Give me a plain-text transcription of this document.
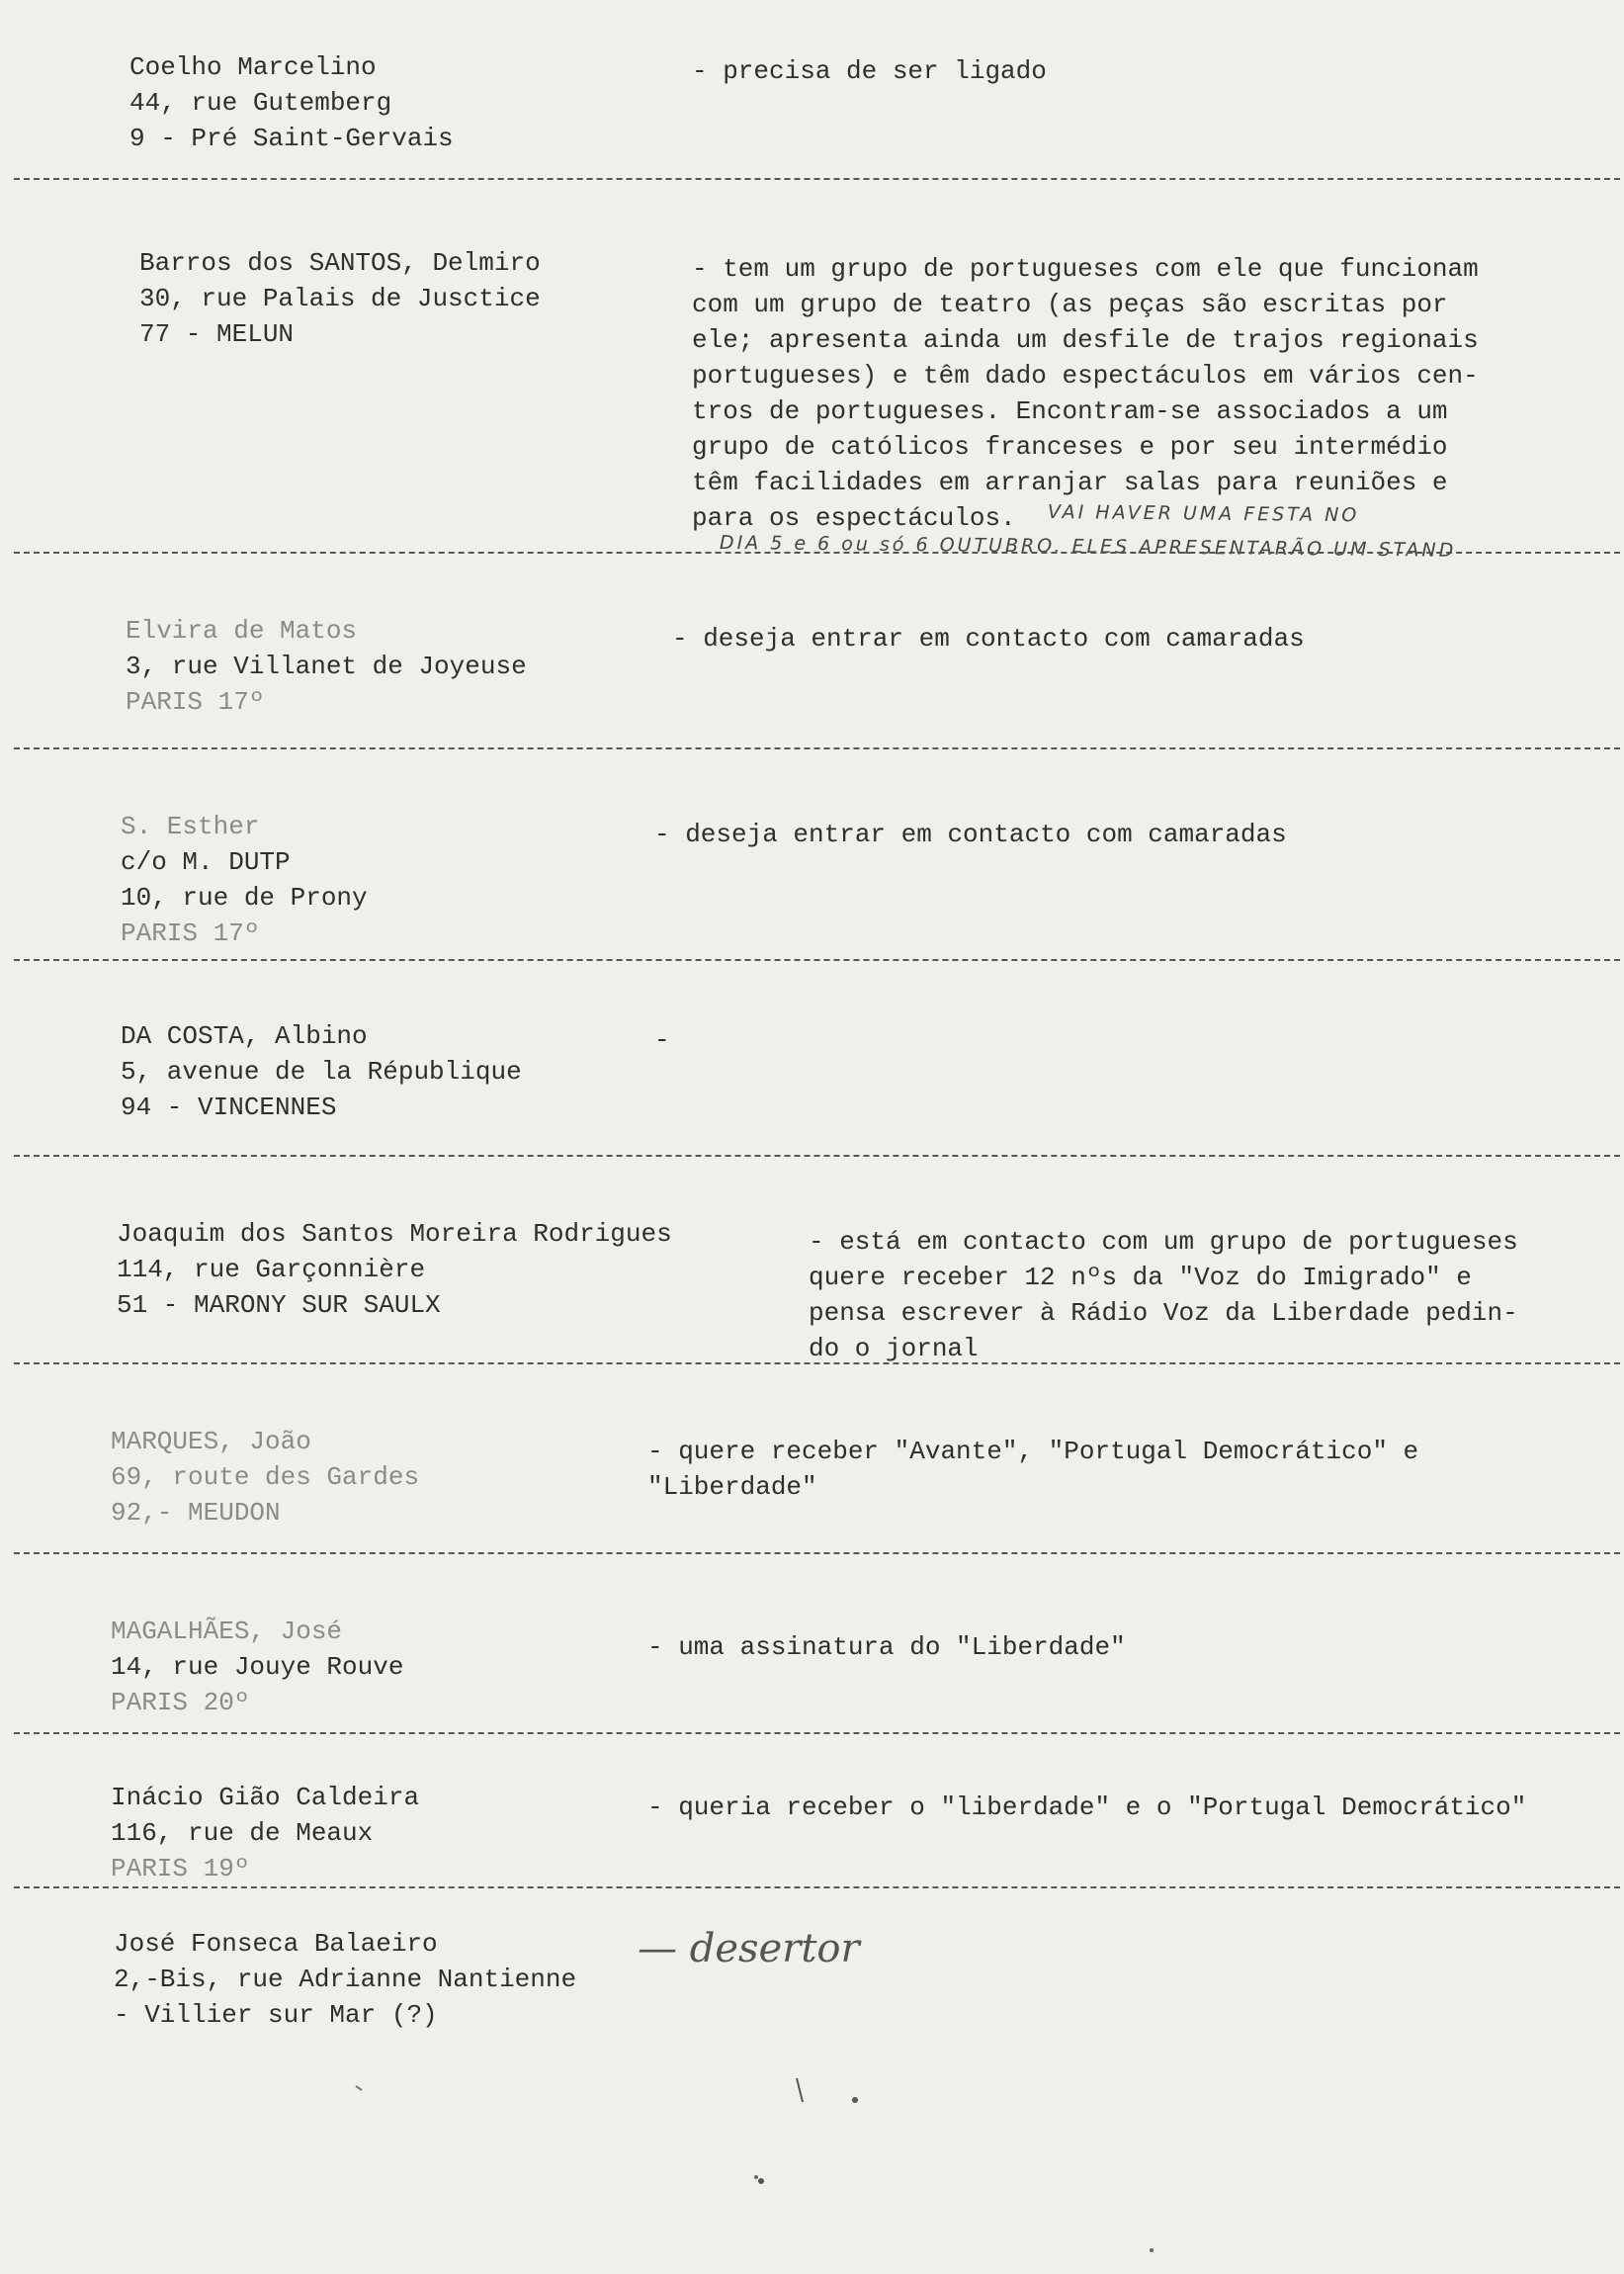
Coelho Marcelino
44, rue Gutemberg
9 - Pré Saint-Gervais
- precisa de ser ligado
Barros dos SANTOS, Delmiro
30, rue Palais de Jusctice
77 - MELUN
- tem um grupo de portugueses com ele que funcionam
com um grupo de teatro (as peças são escritas por
ele; apresenta ainda um desfile de trajos regionais
portugueses) e têm dado espectáculos em vários cen-
tros de portugueses. Encontram-se associados a um
grupo de católicos franceses e por seu intermédio
têm facilidades em arranjar salas para reuniões e
para os espectáculos.	VAI HAVER UMA FESTA NO
DIA 5 e 6 ou só 6 OUTUBRO. ELES APRESENTARÃO UM STAND
Elvira de Matos
3, rue Villanet de Joyeuse
PARIS 17º
- deseja entrar em contacto com camaradas
S. Esther
c/o M. DUTP
10, rue de Prony
PARIS 17º
- deseja entrar em contacto com camaradas
DA COSTA, Albino
5, avenue de la République
94 - VINCENNES
-
Joaquim dos Santos Moreira Rodrigues
114, rue Garçonnière
51 - MARONY SUR SAULX
- está em contacto com um grupo de portugueses
quere receber 12 nºs da "Voz do Imigrado" e
pensa escrever à Rádio Voz da Liberdade pedin-
do o jornal
MARQUES, João
69, route des Gardes
92,- MEUDON
- quere receber "Avante", "Portugal Democrático" e
"Liberdade"
MAGALHÃES, José
14, rue Jouye Rouve
PARIS 20º
- uma assinatura do "Liberdade"
Inácio Gião Caldeira
116, rue de Meaux
PARIS 19º
- queria receber o "liberdade" e o "Portugal Democrático"
José Fonseca Balaeiro
2,-Bis, rue Adrianne Nantienne
- Villier sur Mar (?)
— desertor
